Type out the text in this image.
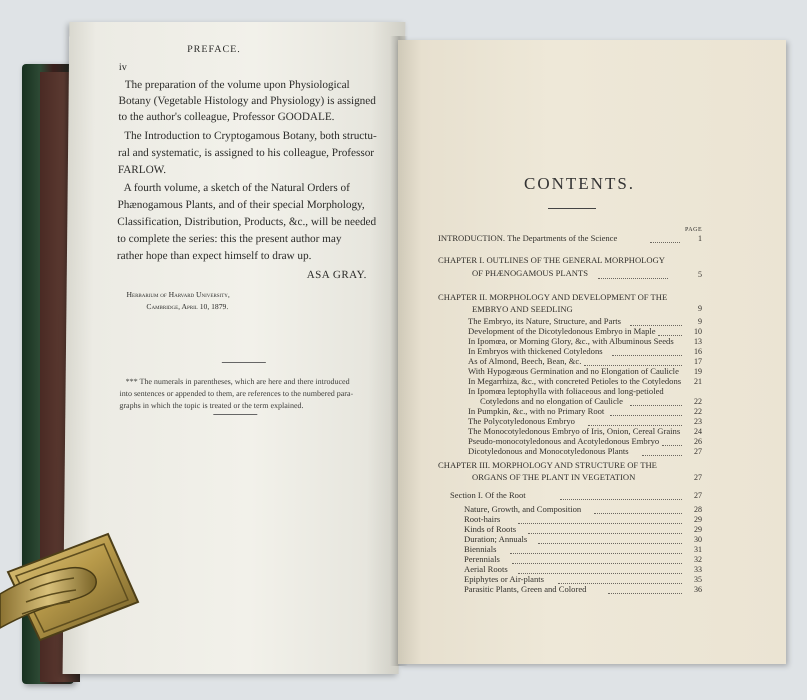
PREFACE.
iv
The preparation of the volume upon Physiological
Botany (Vegetable Histology and Physiology) is assigned
to the author's colleague, Professor GOODALE.
The Introduction to Cryptogamous Botany, both structu-
ral and systematic, is assigned to his colleague, Professor
FARLOW.
A fourth volume, a sketch of the Natural Orders of
Phænogamous Plants, and of their special Morphology,
Classification, Distribution, Products, &c., will be needed
to complete the series: this the present author may
rather hope than expect himself to draw up.
ASA GRAY.
Herbarium of Harvard University,
Cambridge, April 10, 1879.
*** The numerals in parentheses, which are here and there introduced
into sentences or appended to them, are references to the numbered para-
graphs in which the topic is treated or the term explained.
CONTENTS.
PAGE
INTRODUCTION. The Departments of the Science	1
CHAPTER I. OUTLINES OF THE GENERAL MORPHOLOGY
OF PHÆNOGAMOUS PLANTS	5
CHAPTER II. MORPHOLOGY AND DEVELOPMENT OF THE
EMBRYO AND SEEDLING	9
The Embryo, its Nature, Structure, and Parts	9
Development of the Dicotyledonous Embryo in Maple	10
In Ipomœa, or Morning Glory, &c., with Albuminous Seeds	13
In Embryos with thickened Cotyledons	16
As of Almond, Beech, Bean, &c.	17
With Hypogæous Germination and no Elongation of Caulicle	19
In Megarrhiza, &c., with concreted Petioles to the Cotyledons	21
In Ipomœa leptophylla with foliaceous and long-petioled
Cotyledons and no elongation of Caulicle	22
In Pumpkin, &c., with no Primary Root	22
The Polycotyledonous Embryo	23
The Monocotyledonous Embryo of Iris, Onion, Cereal Grains	24
Pseudo-monocotyledonous and Acotyledonous Embryo	26
Dicotyledonous and Monocotyledonous Plants	27
CHAPTER III. MORPHOLOGY AND STRUCTURE OF THE
ORGANS OF THE PLANT IN VEGETATION	27
Section I. Of the Root	27
Nature, Growth, and Composition	28
Root-hairs	29
Kinds of Roots	29
Duration; Annuals	30
Biennials	31
Perennials	32
Aerial Roots	33
Epiphytes or Air-plants	35
Parasitic Plants, Green and Colored	36
